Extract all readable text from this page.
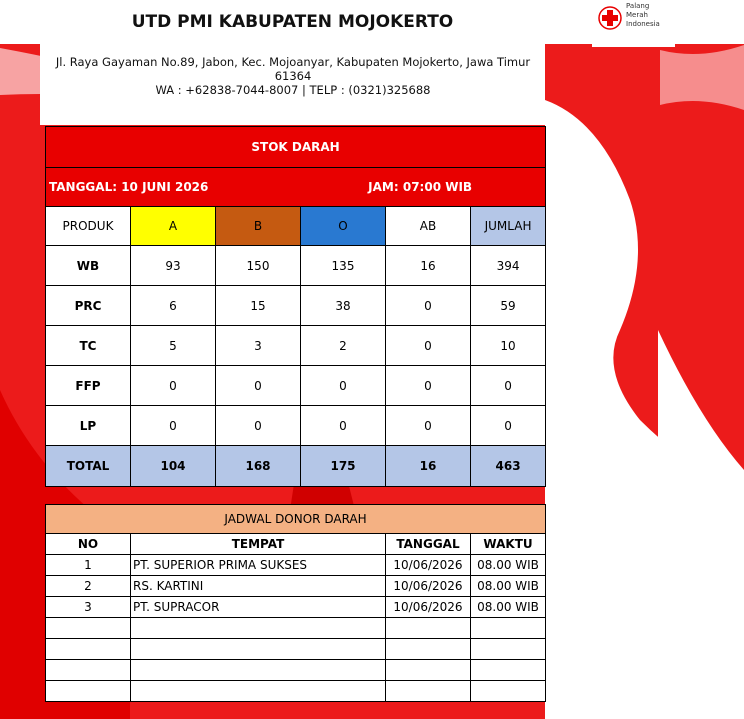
UTD PMI KABUPATEN MOJOKERTO
Jl. Raya Gayaman No.89, Jabon, Kec. Mojoanyar, Kabupaten Mojokerto, Jawa Timur
61364
WA : +62838-7044-8007 | TELP : (0321)325688
Palang
Merah
Indonesia
STOK DARAH					

TANGGAL: 10 JUNI 2026 JAM: 07:00 WIB					

PRODUK	A	B	O	AB	JUMLAH
WB	93	150	135	16	394
PRC	6	15	38	0	59
TC	5	3	2	0	10
FFP	0	0	0	0	0
LP	0	0	0	0	0
TOTAL	104	168	175	16	463
JADWAL DONOR DARAH			
NO	TEMPAT	TANGGAL	WAKTU
1	PT. SUPERIOR PRIMA SUKSES	10/06/2026	08.00 WIB
2	RS. KARTINI	10/06/2026	08.00 WIB
3	PT. SUPRACOR	10/06/2026	08.00 WIB
